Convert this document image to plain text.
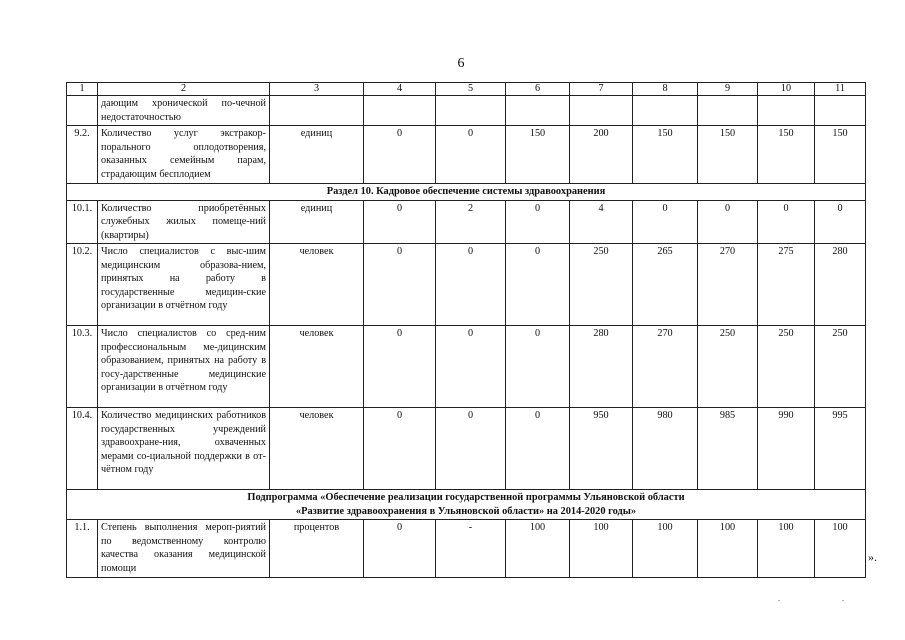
6
1	2	3	4	5	6	7	8	9	10	11
	дающим хронической по-чечной недостаточностью									
9.2.	Количество услуг экстракор-порального оплодотворения, оказанных семейным парам, страдающим бесплодием	единиц	0	0	150	200	150	150	150	150

Раздел 10. Кадровое обеспечение системы здравоохранения										

10.1.	Количество приобретённых служебных жилых помеще-ний (квартиры)	единиц	0	2	0	4	0	0	0	0
10.2.	Число специалистов с выс-шим медицинским образова-нием, принятых на работу в государственные медицин-ские организации в отчётном году	человек	0	0	0	250	265	270	275	280
10.3.	Число специалистов со сред-ним профессиональным ме-дицинским образованием, принятых на работу в госу-дарственные медицинские организации в отчётном году	человек	0	0	0	280	270	250	250	250
10.4.	Количество медицинских работников государственных учреждений здравоохране-ния, охваченных мерами со-циальной поддержки в от-чётном году	человек	0	0	0	950	980	985	990	995

Подпрограмма «Обеспечение реализации государственной программы Ульяновской области
«Развитие здравоохранения в Ульяновской области» на 2014-2020 годы»										

1.1.	Степень выполнения мероп-риятий по ведомственному контролю качества оказания медицинской помощи	процентов	0	-	100	100	100	100	100	100
».
. .
